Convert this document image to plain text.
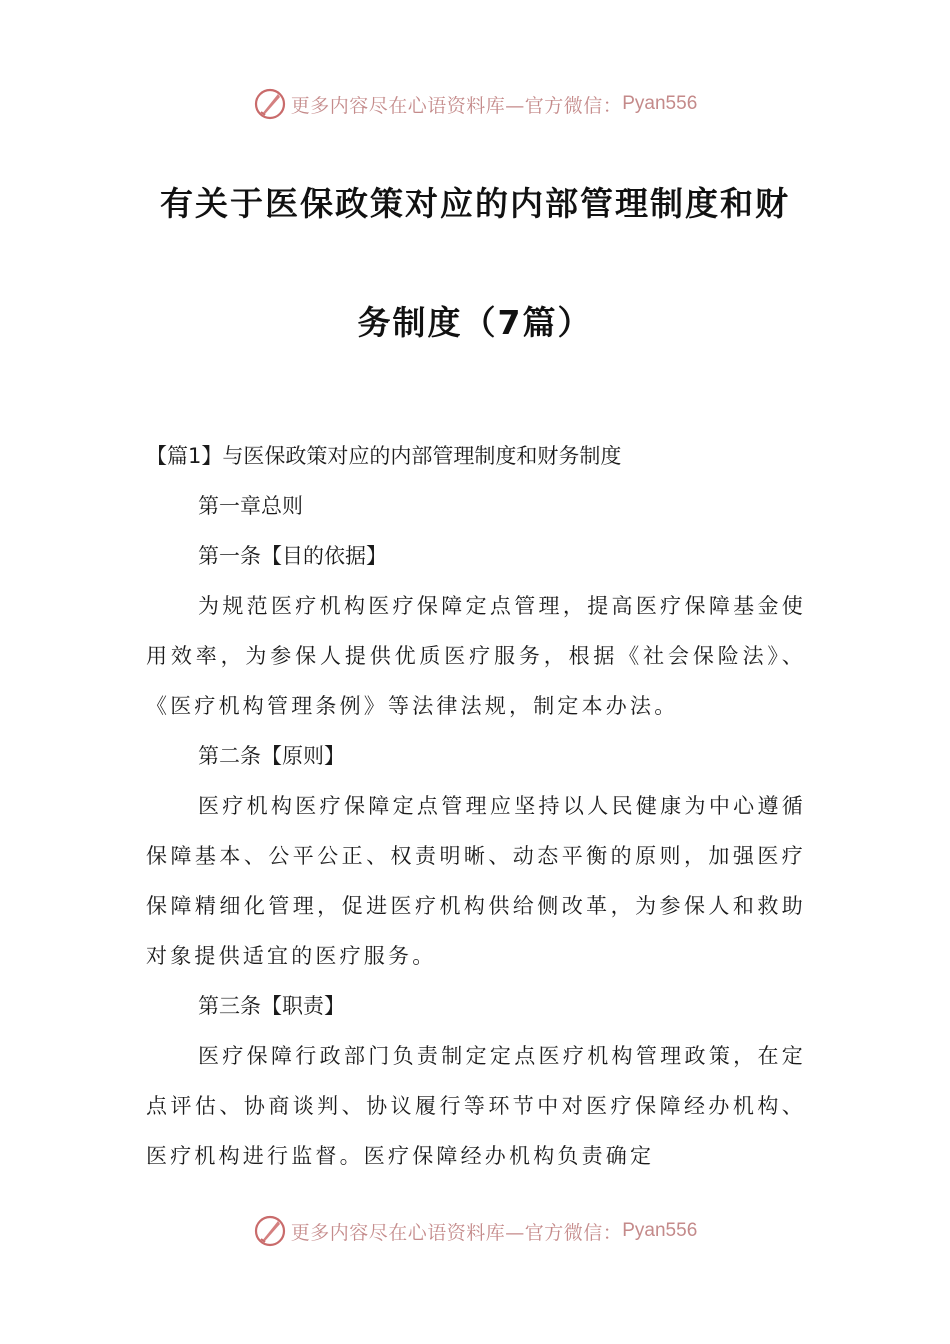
更多内容尽在心语资料库—官方微信： Pyan556
有关于医保政策对应的内部管理制度和财
务制度（7篇）

【篇1】与医保政策对应的内部管理制度和财务制度

第一章总则

第一条【目的依据】

为规范医疗机构医疗保障定点管理，提高医疗保障基金使用效率，为参保人提供优质医疗服务，根据《社会保险法》、《医疗机构管理条例》等法律法规，制定本办法。

第二条【原则】

医疗机构医疗保障定点管理应坚持以人民健康为中心遵循保障基本、公平公正、权责明晰、动态平衡的原则，加强医疗保障精细化管理，促进医疗机构供给侧改革，为参保人和救助对象提供适宜的医疗服务。

第三条【职责】

医疗保障行政部门负责制定定点医疗机构管理政策，在定点评估、协商谈判、协议履行等环节中对医疗保障经办机构、医疗机构进行监督。医疗保障经办机构负责确定

更多内容尽在心语资料库—官方微信： Pyan556
